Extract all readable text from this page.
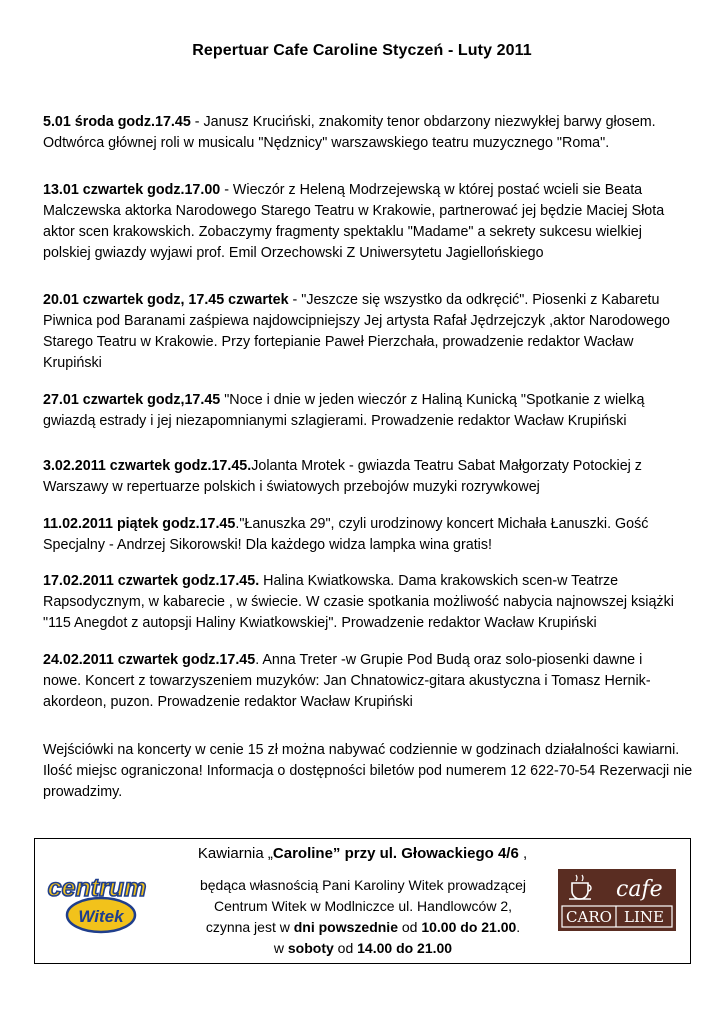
Repertuar Cafe Caroline Styczeń - Luty 2011

5.01 środa godz.17.45 - Janusz Kruciński, znakomity tenor obdarzony niezwykłej barwy głosem. Odtwórca głównej roli w musicalu "Nędznicy" warszawskiego teatru muzycznego "Roma".

13.01 czwartek godz.17.00 - Wieczór z Heleną Modrzejewską w której postać wcieli sie Beata Malczewska aktorka Narodowego Starego Teatru w Krakowie, partnerować jej będzie Maciej Słota aktor scen krakowskich. Zobaczymy fragmenty spektaklu "Madame" a sekrety sukcesu wielkiej polskiej gwiazdy wyjawi prof. Emil Orzechowski Z Uniwersytetu Jagiellońskiego

20.01 czwartek godz, 17.45 czwartek - "Jeszcze się wszystko da odkręcić". Piosenki z Kabaretu Piwnica pod Baranami zaśpiewa najdowcipniejszy Jej artysta Rafał Jędrzejczyk ,aktor Narodowego Starego Teatru w Krakowie. Przy fortepianie Paweł Pierzchała, prowadzenie redaktor Wacław Krupiński

27.01 czwartek godz,17.45 "Noce i dnie w jeden wieczór z Haliną Kunicką "Spotkanie z wielką gwiazdą estrady i jej niezapomnianymi szlagierami. Prowadzenie redaktor Wacław Krupiński

3.02.2011 czwartek godz.17.45.Jolanta Mrotek - gwiazda Teatru Sabat Małgorzaty Potockiej z Warszawy w repertuarze polskich i światowych przebojów muzyki rozrywkowej

11.02.2011 piątek godz.17.45."Łanuszka 29", czyli urodzinowy koncert Michała Łanuszki. Gość Specjalny - Andrzej Sikorowski! Dla każdego widza lampka wina gratis!

17.02.2011 czwartek godz.17.45. Halina Kwiatkowska. Dama krakowskich scen-w Teatrze Rapsodycznym, w kabarecie , w świecie. W czasie spotkania możliwość nabycia najnowszej książki "115 Anegdot z autopsji Haliny Kwiatkowskiej". Prowadzenie redaktor Wacław Krupiński

24.02.2011 czwartek godz.17.45. Anna Treter -w Grupie Pod Budą oraz solo-piosenki dawne i nowe. Koncert z towarzyszeniem muzyków: Jan Chnatowicz-gitara akustyczna i Tomasz Hernik-akordeon, puzon. Prowadzenie redaktor Wacław Krupiński

Wejściówki na koncerty w cenie 15 zł można nabywać codziennie w godzinach działalności kawiarni. Ilość miejsc ograniczona! Informacja o dostępności biletów pod numerem 12 622-70-54 Rezerwacji nie prowadzimy.
Kawiarnia „Caroline” przy ul. Głowackiego 4/6 ,
centrum
Witek
będąca własnością Pani Karoliny Witek prowadzącej
Centrum Witek w Modlniczce ul. Handlowców 2,
czynna jest w dni powszednie od 10.00 do 21.00.
w soboty od 14.00 do 21.00
cafe
CARO LINE
